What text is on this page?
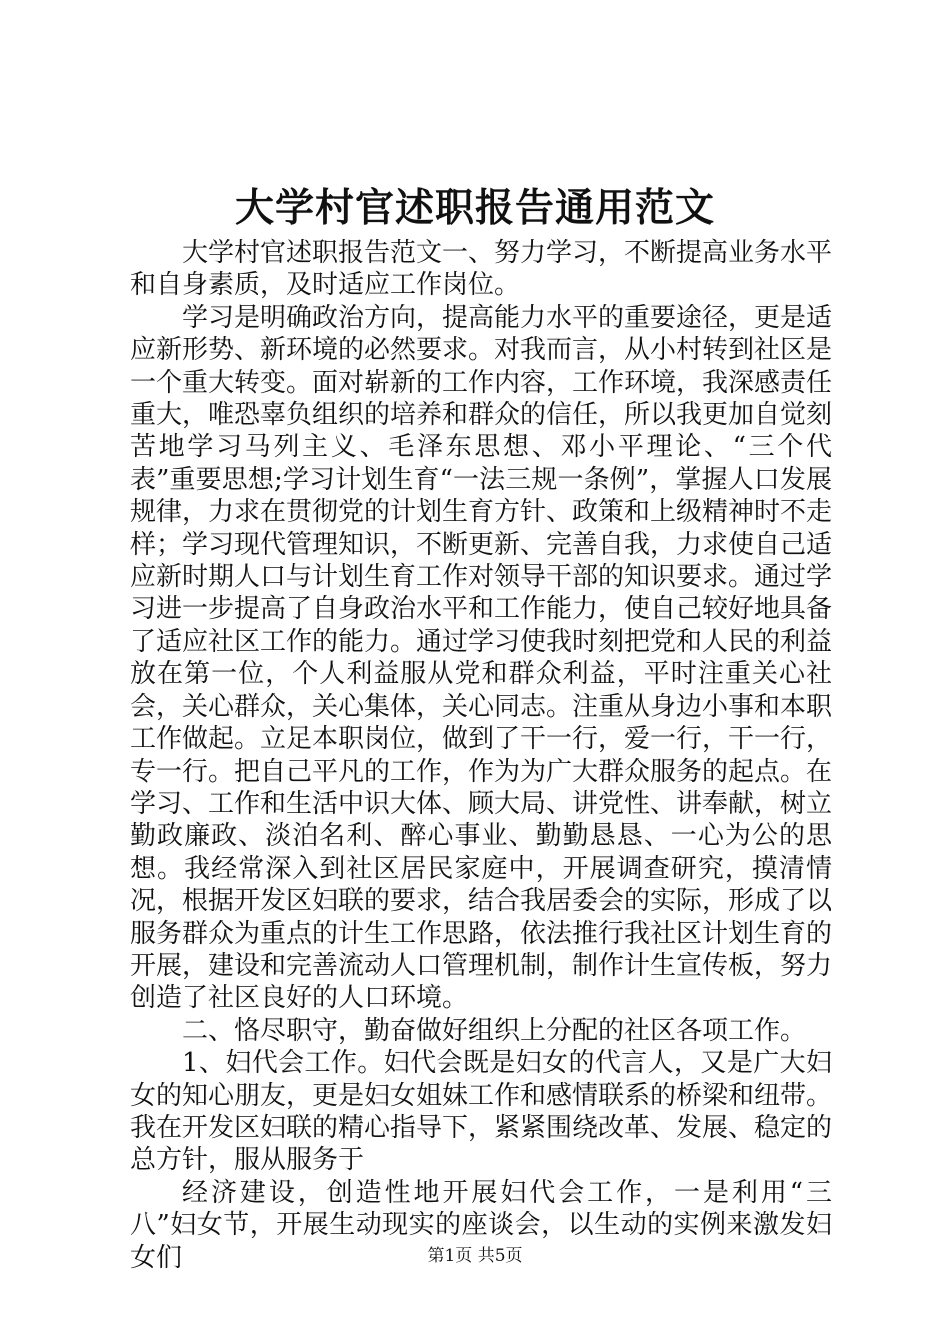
大学村官述职报告通用范文

大学村官述职报告范文一、努力学习，不断提高业务水平和自身素质，及时适应工作岗位。

学习是明确政治方向，提高能力水平的重要途径，更是适应新形势、新环境的必然要求。对我而言，从小村转到社区是一个重大转变。面对崭新的工作内容，工作环境，我深感责任重大，唯恐辜负组织的培养和群众的信任，所以我更加自觉刻苦地学习马列主义、毛泽东思想、邓小平理论、“三个代表”重要思想;学习计划生育“一法三规一条例”，掌握人口发展规律，力求在贯彻党的计划生育方针、政策和上级精神时不走样；学习现代管理知识，不断更新、完善自我，力求使自己适应新时期人口与计划生育工作对领导干部的知识要求。通过学习进一步提高了自身政治水平和工作能力，使自己较好地具备了适应社区工作的能力。通过学习使我时刻把党和人民的利益放在第一位，个人利益服从党和群众利益，平时注重关心社会，关心群众，关心集体，关心同志。注重从身边小事和本职工作做起。立足本职岗位，做到了干一行，爱一行，干一行，专一行。把自己平凡的工作，作为为广大群众服务的起点。在学习、工作和生活中识大体、顾大局、讲党性、讲奉献，树立勤政廉政、淡泊名利、醉心事业、勤勤恳恳、一心为公的思想。我经常深入到社区居民家庭中，开展调查研究，摸清情况，根据开发区妇联的要求，结合我居委会的实际，形成了以服务群众为重点的计生工作思路，依法推行我社区计划生育的开展，建设和完善流动人口管理机制，制作计生宣传板，努力创造了社区良好的人口环境。

二、恪尽职守，勤奋做好组织上分配的社区各项工作。

1、妇代会工作。妇代会既是妇女的代言人，又是广大妇女的知心朋友，更是妇女姐妹工作和感情联系的桥梁和纽带。我在开发区妇联的精心指导下，紧紧围绕改革、发展、稳定的总方针，服从服务于

经济建设，创造性地开展妇代会工作，一是利用“三八”妇女节，开展生动现实的座谈会，以生动的实例来激发妇女们	第1页 共5页
